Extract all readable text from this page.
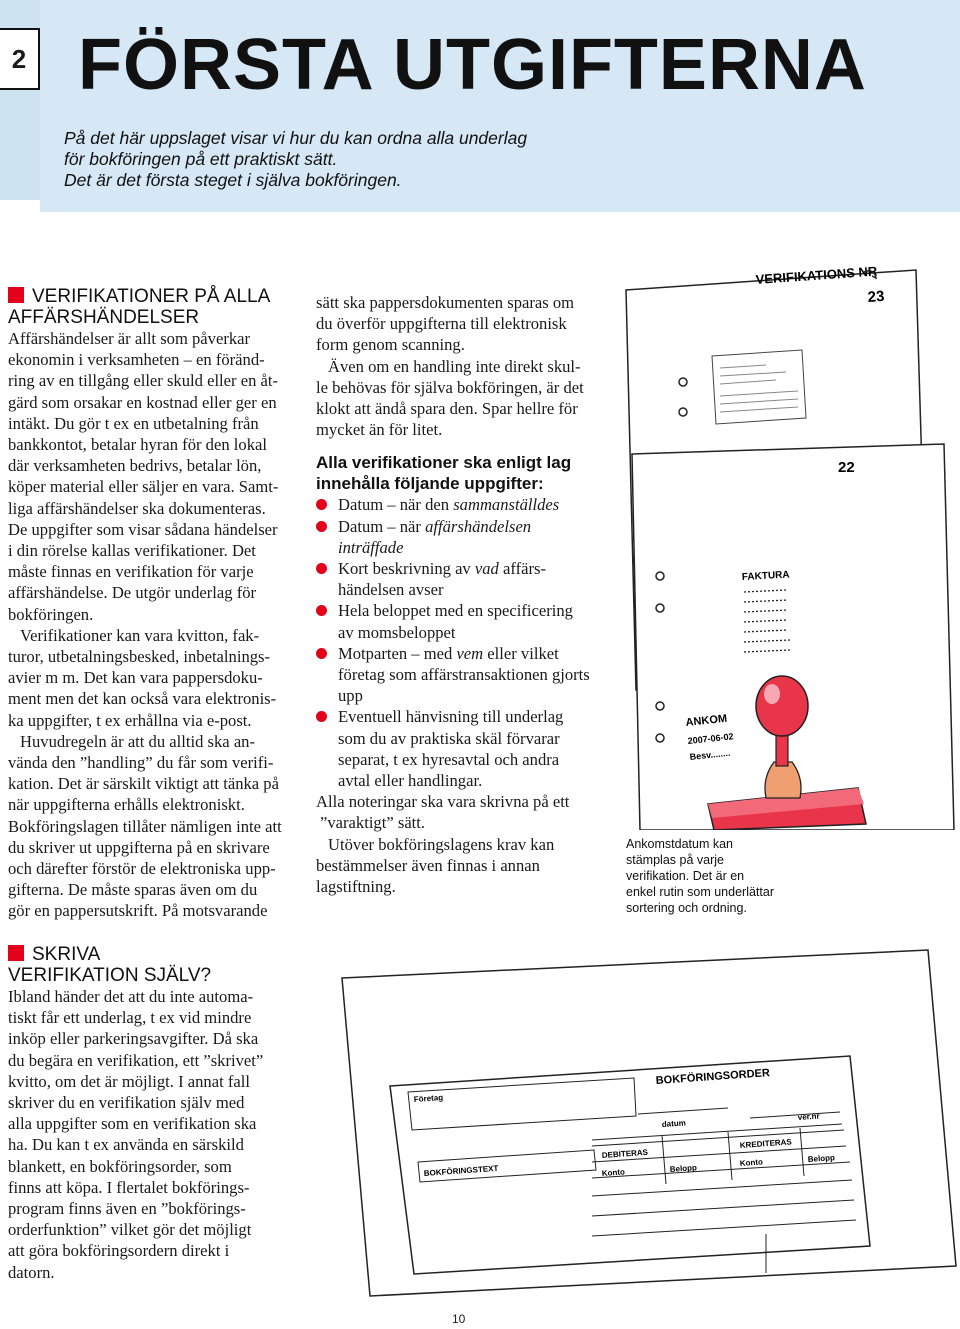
2 FÖRSTA UTGIFTERNA
På det här uppslaget visar vi hur du kan ordna alla underlag
för bokföringen på ett praktiskt sätt.
Det är det första steget i själva bokföringen.
VERIFIKATIONER PÅ ALLA
AFFÄRSHÄNDELSER
Affärshändelser är allt som påverkar
ekonomin i verksamheten – en föränd-
ring av en tillgång eller skuld eller en åt-
gärd som orsakar en kostnad eller ger en
intäkt. Du gör t ex en utbetalning från
bankkontot, betalar hyran för den lokal
där verksamheten bedrivs, betalar lön,
köper material eller säljer en vara. Samt-
liga affärshändelser ska dokumenteras.
De uppgifter som visar sådana händelser
i din rörelse kallas verifikationer. Det
måste finnas en verifikation för varje
affärshändelse. De utgör underlag för
bokföringen.
Verifikationer kan vara kvitton, fak-
turor, utbetalningsbesked, inbetalnings-
avier m m. Det kan vara pappersdoku-
ment men det kan också vara elektronis-
ka uppgifter, t ex erhållna via e-post.
Huvudregeln är att du alltid ska an-
vända den ”handling” du får som verifi-
kation. Det är särskilt viktigt att tänka på
när uppgifterna erhålls elektroniskt.
Bokföringslagen tillåter nämligen inte att
du skriver ut uppgifterna på en skrivare
och därefter förstör de elektroniska upp-
gifterna. De måste sparas även om du
gör en pappersutskrift. På motsvarande
sätt ska pappersdokumenten sparas om
du överför uppgifterna till elektronisk
form genom scanning.
Även om en handling inte direkt skul-
le behövas för själva bokföringen, är det
klokt att ändå spara den. Spar hellre för
mycket än för litet.
Alla verifikationer ska enligt lag
innehålla följande uppgifter:
Datum – när den sammanställdes
Datum – när affärshändelsen
inträffade
Kort beskrivning av vad affärs-
händelsen avser
Hela beloppet med en specificering
av momsbeloppet
Motparten – med vem eller vilket
företag som affärstransaktionen gjorts
upp
Eventuell hänvisning till underlag
som du av praktiska skäl förvarar
separat, t ex hyresavtal och andra
avtal eller handlingar.
Alla noteringar ska vara skrivna på ett
”varaktigt” sätt.
Utöver bokföringslagens krav kan
bestämmelser även finnas i annan
lagstiftning.
VERIFIKATIONS NR
23
22
FAKTURA
ANKOM
2007-06-02
Besv........
Ankomstdatum kan
stämplas på varje
verifikation. Det är en
enkel rutin som underlättar
sortering och ordning.
SKRIVA
VERIFIKATION SJÄLV?
Ibland händer det att du inte automa-
tiskt får ett underlag, t ex vid mindre
inköp eller parkeringsavgifter. Då ska
du begära en verifikation, ett ”skrivet”
kvitto, om det är möjligt. I annat fall
skriver du en verifikation själv med
alla uppgifter som en verifikation ska
ha. Du kan t ex använda en särskild
blankett, en bokföringsorder, som
finns att köpa. I flertalet bokförings-
program finns även en ”bokförings-
orderfunktion” vilket gör det möjligt
att göra bokföringsordern direkt i
datorn.
BOKFÖRINGSORDER
Företag
datum
ver.nr
BOKFÖRINGSTEXT
DEBITERAS
KREDITERAS
Konto	Belopp
Konto	Belopp
10
